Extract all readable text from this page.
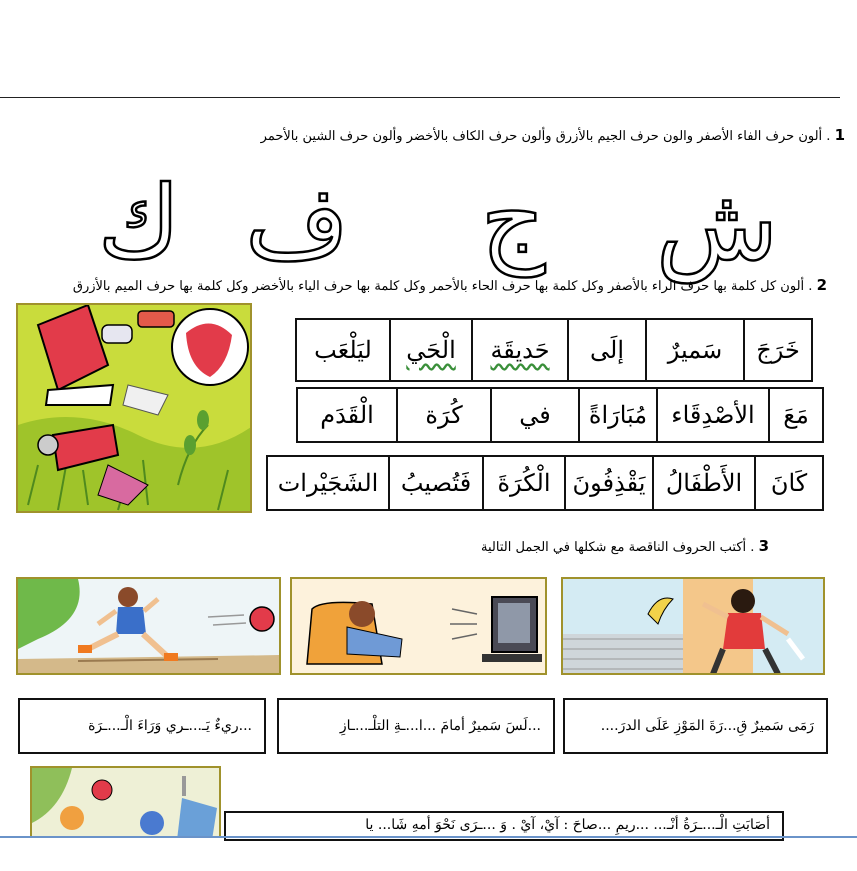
1 . ألون حرف الفاء الأصفر والون حرف الجيم بالأزرق وألون حرف الكاف بالأخضر وألون حرف الشين بالأحمر
ش
ج
ف
ك
2 . ألون كل كلمة بها حرف الراء بالأصفر وكل كلمة بها حرف الحاء بالأحمر وكل كلمة بها حرف الياء بالأخضر وكل كلمة بها حرف الميم بالأزرق
خَرَجَ
سَميرٌ
إلَى
حَديقَة
الْحَي
ليَلْعَب
مَعَ
الأصْدِقَاء
مُبَارَاةً
في
كُرَة
الْقَدَم
كَانَ
الأَطْفَالُ
يَقْذِفُونَ
الْكُرَةَ
فَتُصيبُ
الشَجَيْرات
3 . أكتب الحروف الناقصة مع شكلها في الجمل التالية
رَمَى سَميرٌ قِ...رَةَ المَوْزِ عَلَى الدرَ....
...لَسَ سَميرٌ أمامَ ...ا...ـةِ التلْـ...ـازِ
...ريءٌ يَـ...ـري وَرَاءَ الْـ...ـرَة
أصَابَتِ الْـ...ـرَةُ أنْـ... ...ريمِ ...صاحَ : آيْ، آيْ . وَ ...ـرَى نَحْوَ أمهِ شَا... يا
